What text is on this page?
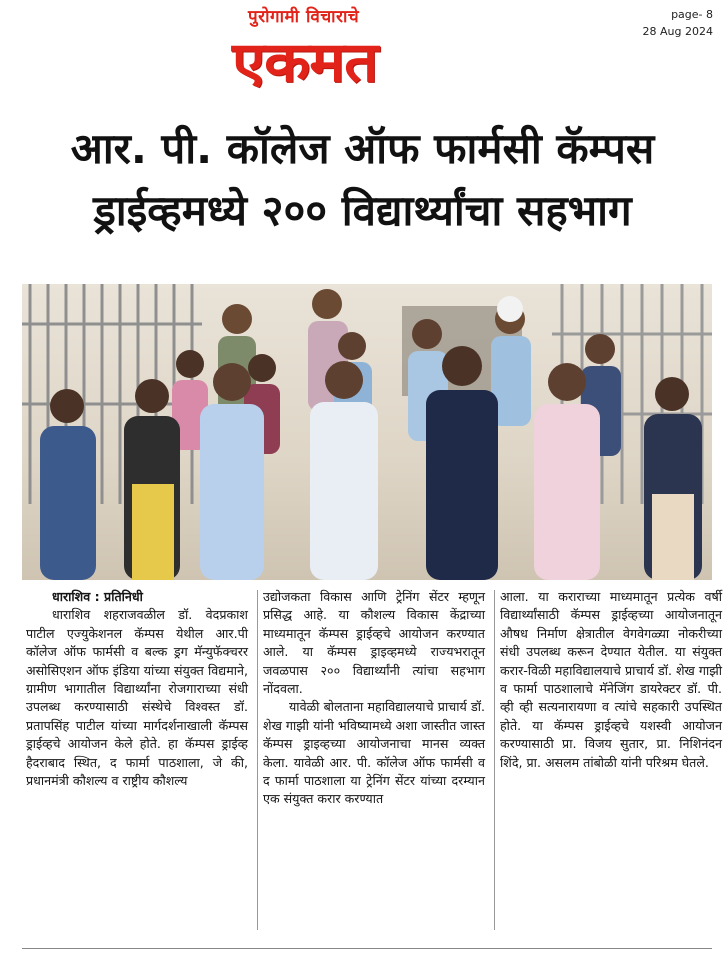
पुरोगामी विचाराचे
एकमत
page- 8
28 Aug 2024
आर. पी. कॉलेज ऑफ फार्मसी कॅम्पस
ड्राईव्हमध्ये २०० विद्यार्थ्यांचा सहभाग

धाराशिव : प्रतिनिधी

धाराशिव शहराजवळील डॉ. वेदप्रकाश पाटील एज्युकेशनल कॅम्पस येथील आर.पी कॉलेज ऑफ फार्मसी व बल्क ड्रग मॅन्युफॅक्चरर असोसिएशन ऑफ इंडिया यांच्या संयुक्त विद्यमाने, ग्रामीण भागातील विद्यार्थ्यांना रोजगाराच्या संधी उपलब्ध करण्यासाठी संस्थेचे विश्वस्त डॉ. प्रतापसिंह पाटील यांच्या मार्गदर्शनाखाली कॅम्पस ड्राईव्हचे आयोजन केले होते. हा कॅम्पस ड्राईव्ह हैदराबाद स्थित, द फार्मा पाठशाला, जे की, प्रधानमंत्री कौशल्य व राष्ट्रीय कौशल्य

उद्योजकता विकास आणि ट्रेनिंग सेंटर म्हणून प्रसिद्ध आहे. या कौशल्य विकास केंद्राच्या माध्यमातून कॅम्पस ड्राईव्हचे आयोजन करण्यात आले. या कॅम्पस ड्राइव्हमध्ये राज्यभरातून जवळपास २०० विद्यार्थ्यांनी त्यांचा सहभाग नोंदवला.

यावेळी बोलताना महाविद्यालयाचे प्राचार्य डॉ. शेख गाझी यांनी भविष्यामध्ये अशा जास्तीत जास्त कॅम्पस ड्राइव्हच्या आयोजनाचा मानस व्यक्त केला. यावेळी आर. पी. कॉलेज ऑफ फार्मसी व द फार्मा पाठशाला या ट्रेनिंग सेंटर यांच्या दरम्यान एक संयुक्त करार करण्यात

आला. या कराराच्या माध्यमातून प्रत्येक वर्षी विद्यार्थ्यांसाठी कॅम्पस ड्राईव्हच्या आयोजनातून औषध निर्माण क्षेत्रातील वेगवेगळ्या नोकरीच्या संधी उपलब्ध करून देण्यात येतील. या संयुक्त करार-विळी महाविद्यालयाचे प्राचार्य डॉ. शेख गाझी व फार्मा पाठशालाचे मॅनेजिंग डायरेक्टर डॉ. पी. व्ही व्ही सत्यनारायणा व त्यांचे सहकारी उपस्थित होते. या कॅम्पस ड्राईव्हचे यशस्वी आयोजन करण्यासाठी प्रा. विजय सुतार, प्रा. निशिनंदन शिंदे, प्रा. असलम तांबोळी यांनी परिश्रम घेतले.
